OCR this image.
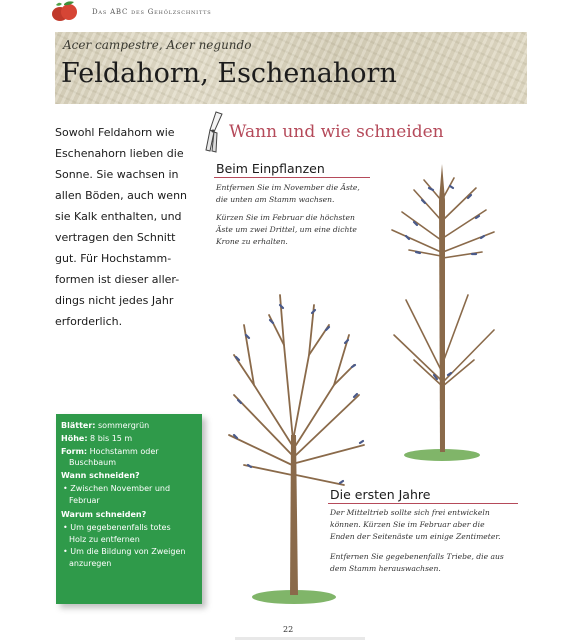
Das ABC des Gehölzschnitts
Acer campestre, Acer negundo
Feldahorn, Eschenahorn
Sowohl Feldahorn wie
Eschenahorn lieben die
Sonne. Sie wachsen in
allen Böden, auch wenn
sie Kalk enthalten, und
vertragen den Schnitt
gut. Für Hochstamm-
formen ist dieser aller-
dings nicht jedes Jahr
erforderlich.
Wann und wie schneiden
Beim Einpflanzen
Entfernen Sie im November die Äste,
die unten am Stamm wachsen.
Kürzen Sie im Februar die höchsten
Äste um zwei Drittel, um eine dichte
Krone zu erhalten.
Die ersten Jahre
Der Mitteltrieb sollte sich frei entwickeln
können. Kürzen Sie im Februar aber die
Enden der Seitenäste um einige Zentimeter.
Entfernen Sie gegebenenfalls Triebe, die aus
dem Stamm herauswachsen.
Blätter: sommergrün
Höhe: 8 bis 15 m
Form: Hochstamm oder
Buschbaum
Wann schneiden?
• Zwischen November und
Februar
Warum schneiden?
• Um gegebenenfalls totes
Holz zu entfernen
• Um die Bildung von Zweigen
anzuregen
22
